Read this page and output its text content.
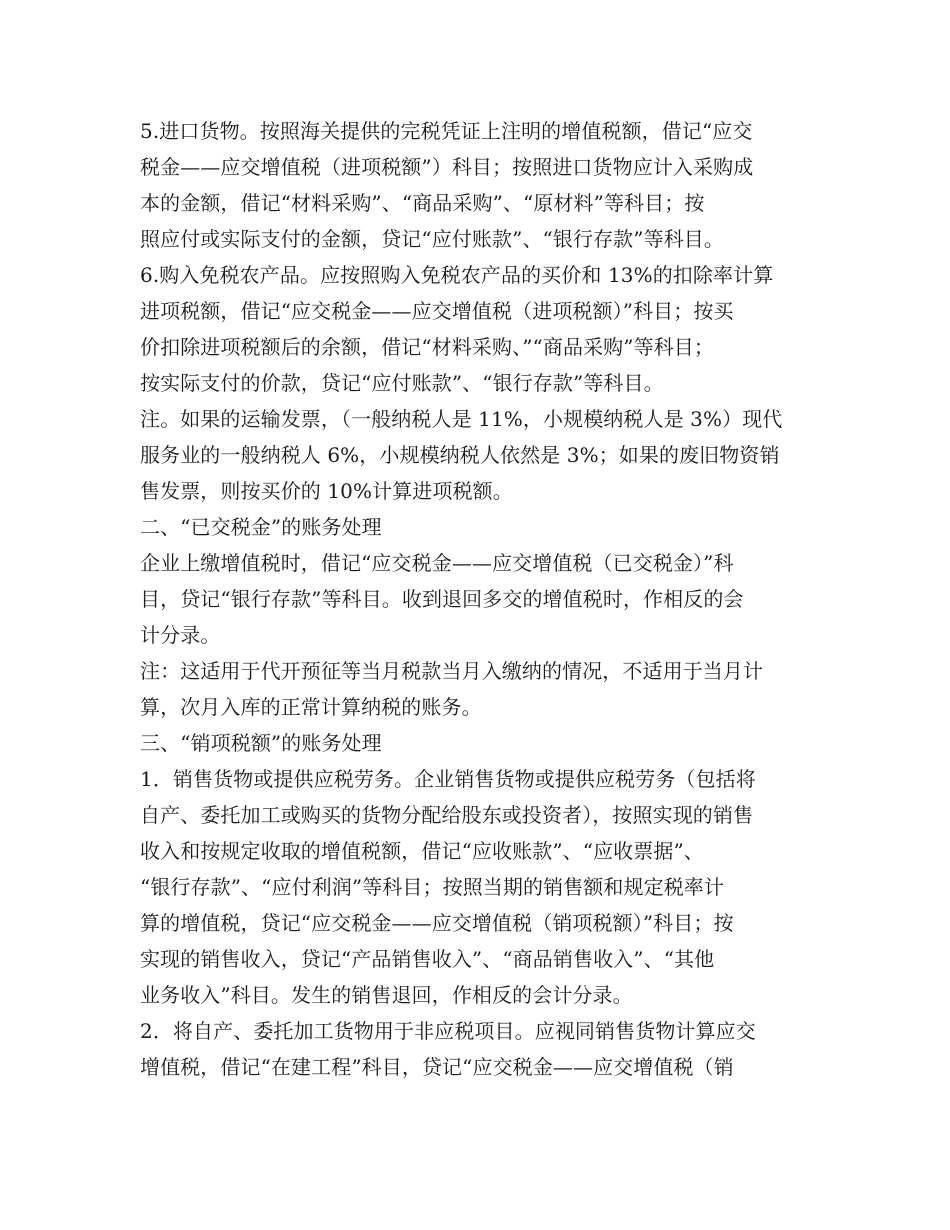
5.进口货物。按照海关提供的完税凭证上注明的增值税额，借记“应交
税金——应交增值税（进项税额”）科目；按照进口货物应计入采购成
本的金额，借记“材料采购”、“商品采购”、“原材料”等科目；按
照应付或实际支付的金额，贷记“应付账款”、“银行存款”等科目。
6.购入免税农产品。应按照购入免税农产品的买价和 13%的扣除率计算
进项税额，借记“应交税金——应交增值税（进项税额）”科目；按买
价扣除进项税额后的余额，借记“材料采购、”“商品采购”等科目；
按实际支付的价款，贷记“应付账款”、“银行存款”等科目。
注。如果的运输发票，（一般纳税人是 11%，小规模纳税人是 3%）现代
服务业的一般纳税人 6%，小规模纳税人依然是 3%；如果的废旧物资销
售发票，则按买价的 10%计算进项税额。
二、“已交税金”的账务处理
企业上缴增值税时，借记“应交税金——应交增值税（已交税金）”科
目，贷记“银行存款”等科目。收到退回多交的增值税时，作相反的会
计分录。
注：这适用于代开预征等当月税款当月入缴纳的情况，不适用于当月计
算，次月入库的正常计算纳税的账务。
三、“销项税额”的账务处理
1．销售货物或提供应税劳务。企业销售货物或提供应税劳务（包括将
自产、委托加工或购买的货物分配给股东或投资者），按照实现的销售
收入和按规定收取的增值税额，借记“应收账款”、“应收票据”、
“银行存款”、“应付利润”等科目；按照当期的销售额和规定税率计
算的增值税，贷记“应交税金——应交增值税（销项税额）”科目；按
实现的销售收入，贷记“产品销售收入”、“商品销售收入”、“其他
业务收入”科目。发生的销售退回，作相反的会计分录。
2．将自产、委托加工货物用于非应税项目。应视同销售货物计算应交
增值税，借记“在建工程”科目，贷记“应交税金——应交增值税（销
